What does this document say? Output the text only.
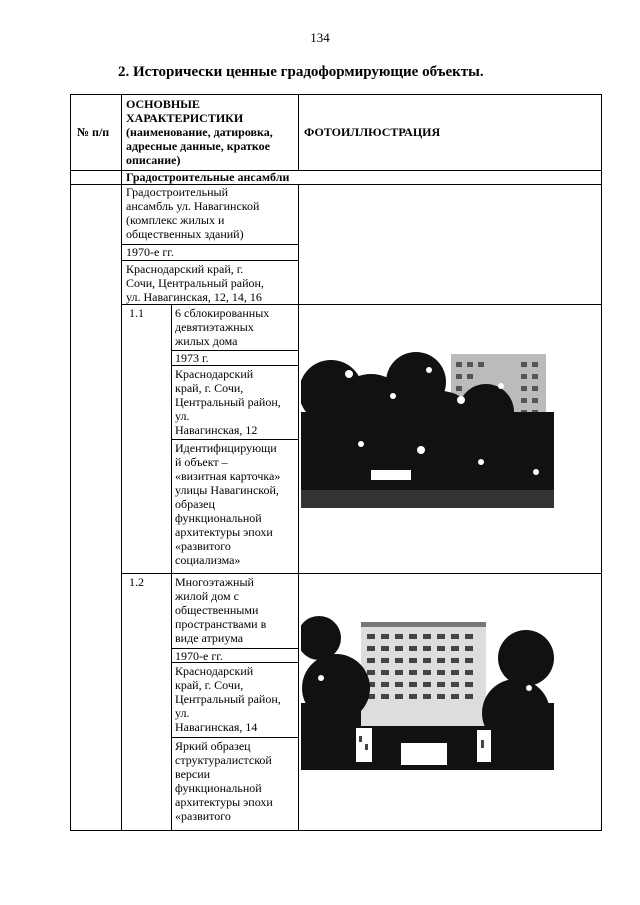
134
2. Исторически ценные градоформирующие объекты.
№ п/п
ОСНОВНЫЕ
ХАРАКТЕРИСТИКИ
(наименование, датировка,
адресные данные, краткое
описание)
ФОТОИЛЛЮСТРАЦИЯ
Градостроительные ансамбли
Градостроительный
ансамбль ул. Навагинской
(комплекс жилых и
общественных зданий)
1970-е гг.
Краснодарский край, г.
Сочи, Центральный район,
ул. Навагинская, 12, 14, 16
1.1	6 сблокированных
девятиэтажных
жилых дома
1973 г.
Краснодарский
край, г. Сочи,
Центральный район,
ул.
Навагинская, 12
Идентифицирующи
й объект –
«визитная карточка»
улицы Навагинской,
образец
функциональной
архитектуры эпохи
«развитого
социализма»
1.2	Многоэтажный
жилой дом с
общественными
пространствами в
виде атриума
1970-е гг.
Краснодарский
край, г. Сочи,
Центральный район,
ул.
Навагинская, 14
Яркий образец
структуралистской
версии
функциональной
архитектуры эпохи
«развитого
